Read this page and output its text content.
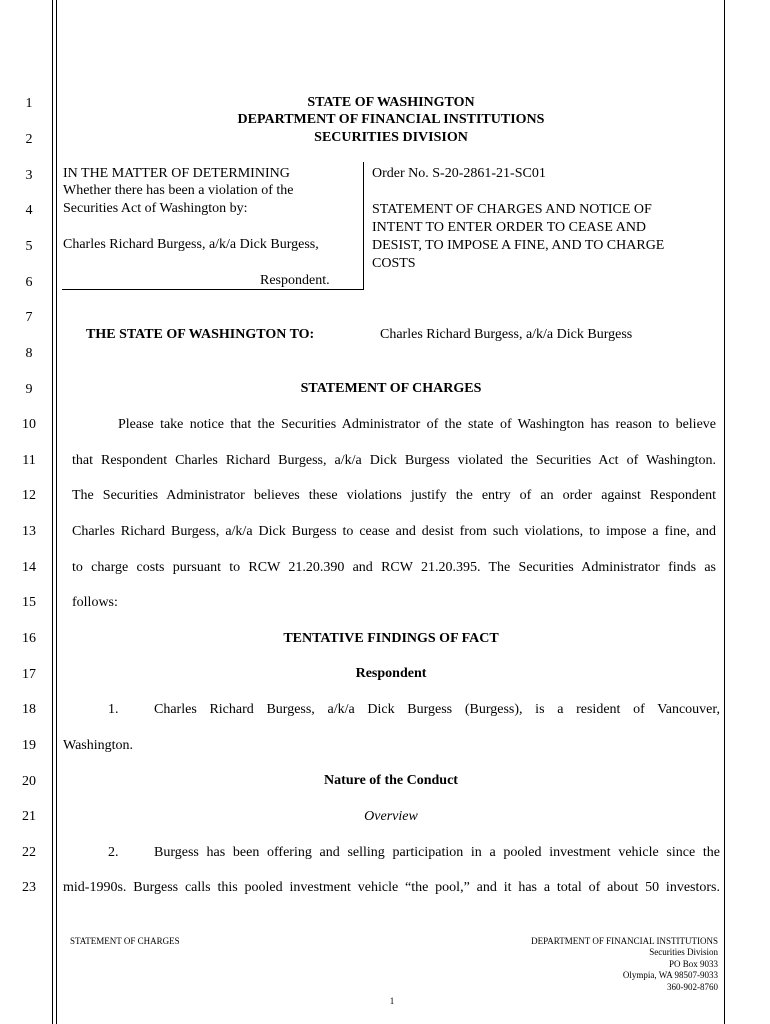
1
2
3
4
5
6
7
8
9
10
11
12
13
14
15
16
17
18
19
20
21
22
23
STATE OF WASHINGTON
DEPARTMENT OF FINANCIAL INSTITUTIONS
SECURITIES DIVISION
IN THE MATTER OF DETERMINING
Whether there has been a violation of the
Securities Act of Washington by:
Charles Richard Burgess, a/k/a Dick Burgess,
Respondent.
Order No. S-20-2861-21-SC01
STATEMENT OF CHARGES AND NOTICE OF
INTENT TO ENTER ORDER TO CEASE AND
DESIST, TO IMPOSE A FINE, AND TO CHARGE
COSTS
THE STATE OF WASHINGTON TO:	Charles Richard Burgess, a/k/a Dick Burgess
STATEMENT OF CHARGES
Please take notice that the Securities Administrator of the state of Washington has reason to believe
that Respondent Charles Richard Burgess, a/k/a Dick Burgess violated the Securities Act of Washington.
The Securities Administrator believes these violations justify the entry of an order against Respondent
Charles Richard Burgess, a/k/a Dick Burgess to cease and desist from such violations, to impose a fine, and
to charge costs pursuant to RCW 21.20.390 and RCW 21.20.395. The Securities Administrator finds as
follows:
TENTATIVE FINDINGS OF FACT
Respondent
1.	Charles Richard Burgess, a/k/a Dick Burgess (Burgess), is a resident of Vancouver,
Washington.
Nature of the Conduct
Overview
2.	Burgess has been offering and selling participation in a pooled investment vehicle since the
mid-1990s. Burgess calls this pooled investment vehicle “the pool,” and it has a total of about 50 investors.
STATEMENT OF CHARGES	DEPARTMENT OF FINANCIAL INSTITUTIONS
Securities Division
PO Box 9033
Olympia, WA 98507-9033
360-902-8760
1
